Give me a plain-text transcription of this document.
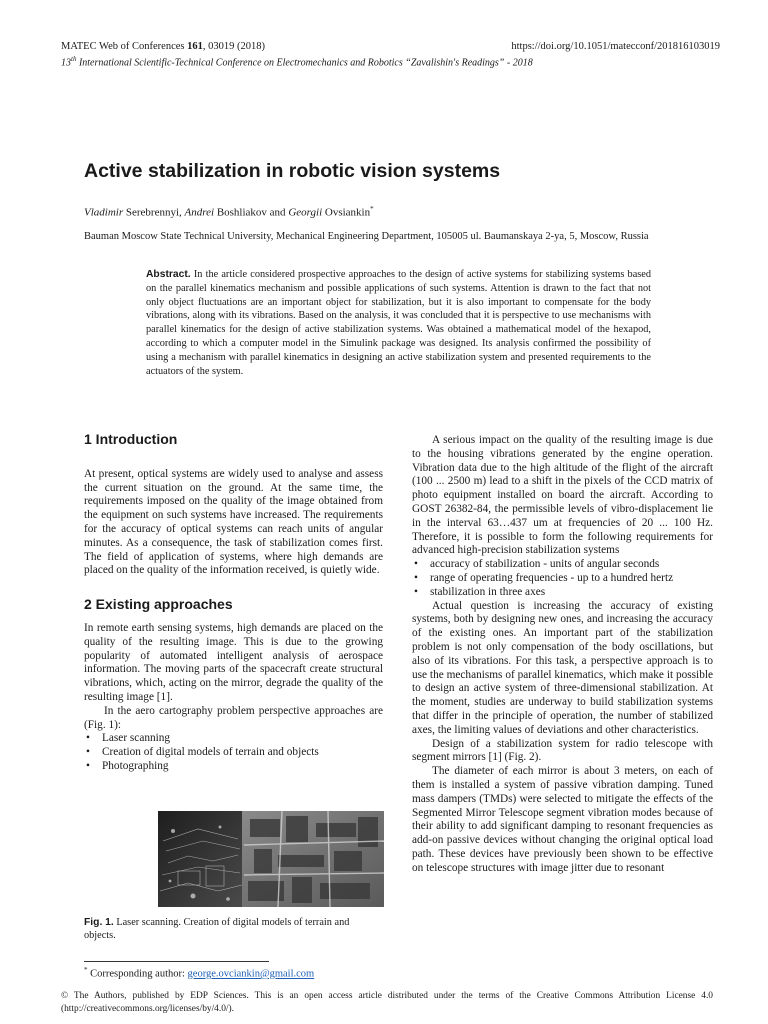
MATEC Web of Conferences 161, 03019 (2018)	https://doi.org/10.1051/matecconf/201816103019
13th International Scientific-Technical Conference on Electromechanics and Robotics “Zavalishin's Readings” - 2018
Active stabilization in robotic vision systems
Vladimir Serebrennyi, Andrei Boshliakov and Georgii Ovsiankin*
Bauman Moscow State Technical University, Mechanical Engineering Department, 105005 ul. Baumanskaya 2-ya, 5, Moscow, Russia
Abstract. In the article considered prospective approaches to the design of active systems for stabilizing systems based on the parallel kinematics mechanism and possible applications of such systems. Attention is drawn to the fact that not only object fluctuations are an important object for stabilization, but it is also important to compensate for the body vibrations, along with its vibrations. Based on the analysis, it was concluded that it is perspective to use mechanisms with parallel kinematics for the design of active stabilization systems. Was obtained a mathematical model of the hexapod, according to which a computer model in the Simulink package was designed. Its analysis confirmed the possibility of using a mechanism with parallel kinematics in designing an active stabilization system and presented requirements to the actuators of the system.
1 Introduction

At present, optical systems are widely used to analyse and assess the current situation on the ground. At the same time, the requirements imposed on the quality of the image obtained from the equipment on such systems have increased. The requirements for the accuracy of optical systems can reach units of angular minutes. As a consequence, the task of stabilization comes first. The field of application of systems, where high demands are placed on the quality of the information received, is quietly wide.

2 Existing approaches

In remote earth sensing systems, high demands are placed on the quality of the resulting image. This is due to the growing popularity of automated intelligent analysis of aerospace information. The moving parts of the spacecraft create structural vibrations, which, acting on the mirror, degrade the quality of the resulting image [1].

In the aero cartography problem perspective approaches are (Fig. 1):

• Laser scanning
• Creation of digital models of terrain and objects
• Photographing
Fig. 1. Laser scanning. Creation of digital models of terrain and objects.

A serious impact on the quality of the resulting image is due to the housing vibrations generated by the engine operation. Vibration data due to the high altitude of the flight of the aircraft (100 ... 2500 m) lead to a shift in the pixels of the CCD matrix of photo equipment installed on board the aircraft. According to GOST 26382-84, the permissible levels of vibro-displacement lie in the interval 63…437 um at frequencies of 20 ... 100 Hz. Therefore, it is possible to form the following requirements for advanced high-precision stabilization systems

• accuracy of stabilization - units of angular seconds
• range of operating frequencies - up to a hundred hertz
• stabilization in three axes

Actual question is increasing the accuracy of existing systems, both by designing new ones, and increasing the accuracy of the existing ones. An important part of the stabilization problem is not only compensation of the body oscillations, but also of its vibrations. For this task, a perspective approach is to use the mechanisms of parallel kinematics, which make it possible to design an active system of three-dimensional stabilization. At the moment, studies are underway to build stabilization systems that differ in the principle of operation, the number of stabilized axes, the limiting values of deviations and other characteristics.

Design of a stabilization system for radio telescope with segment mirrors [1] (Fig. 2).

The diameter of each mirror is about 3 meters, on each of them is installed a system of passive vibration damping. Tuned mass dampers (TMDs) were selected to mitigate the effects of the Segmented Mirror Telescope segment vibration modes because of their ability to add significant damping to resonant frequencies as add-on passive devices without changing the original optical load path. These devices have previously been shown to be effective on telescope structures with image jitter due to resonant

* Corresponding author: george.ovciankin@gmail.com
© The Authors, published by EDP Sciences. This is an open access article distributed under the terms of the Creative Commons Attribution License 4.0 (http://creativecommons.org/licenses/by/4.0/).
